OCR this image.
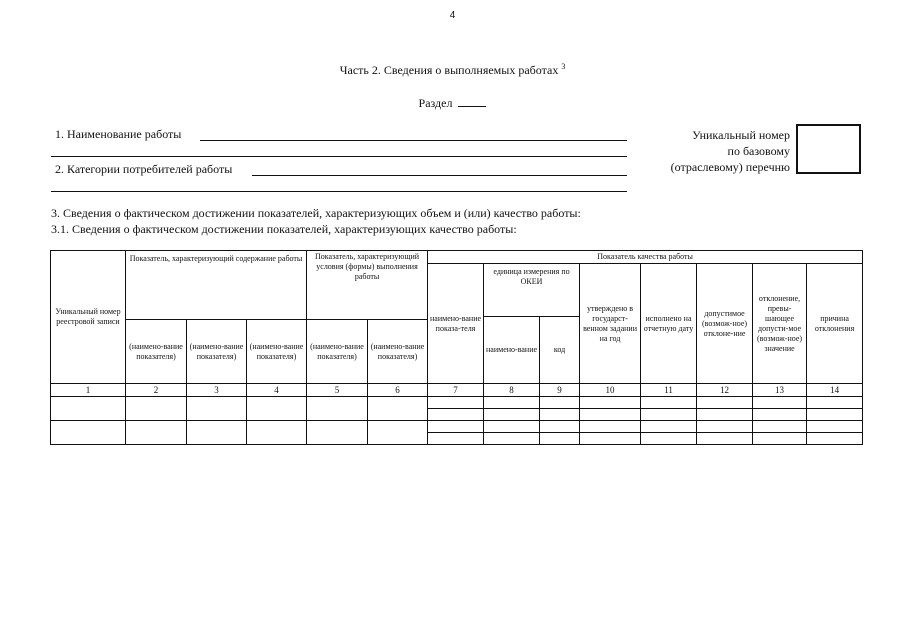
4
Часть 2. Сведения о выполняемых работах $^3$
Раздел
1. Наименование работы
2. Категории потребителей работы
Уникальный номер
по базовому
(отраслевому) перечню
3. Сведения о фактическом достижении показателей, характеризующих объем и (или) качество работы:
3.1. Сведения о фактическом достижении показателей, характеризующих качество работы:
Уникальный номер реестровой записи	Показатель, характеризующий содержание работы			Показатель, характеризующий условия (формы) выполнения работы		Показатель качества работы							
						наимено-вание показа-теля	единица измерения по ОКЕИ		утверждено в государст-венном задании на год	исполнено на отчетную дату	допустимое (возмож-ное) отклоне-ние	отклонение, превы-шающее допусти-мое (возмож-ное) значение	причина отклонения
							наимено-вание	код					
	(наимено-вание показателя)	(наимено-вание показателя)	(наимено-вание показателя)	(наимено-вание показателя)	(наимено-вание показателя)								
1	2	3	4	5	6	7	8	9	10	11	12	13	14
